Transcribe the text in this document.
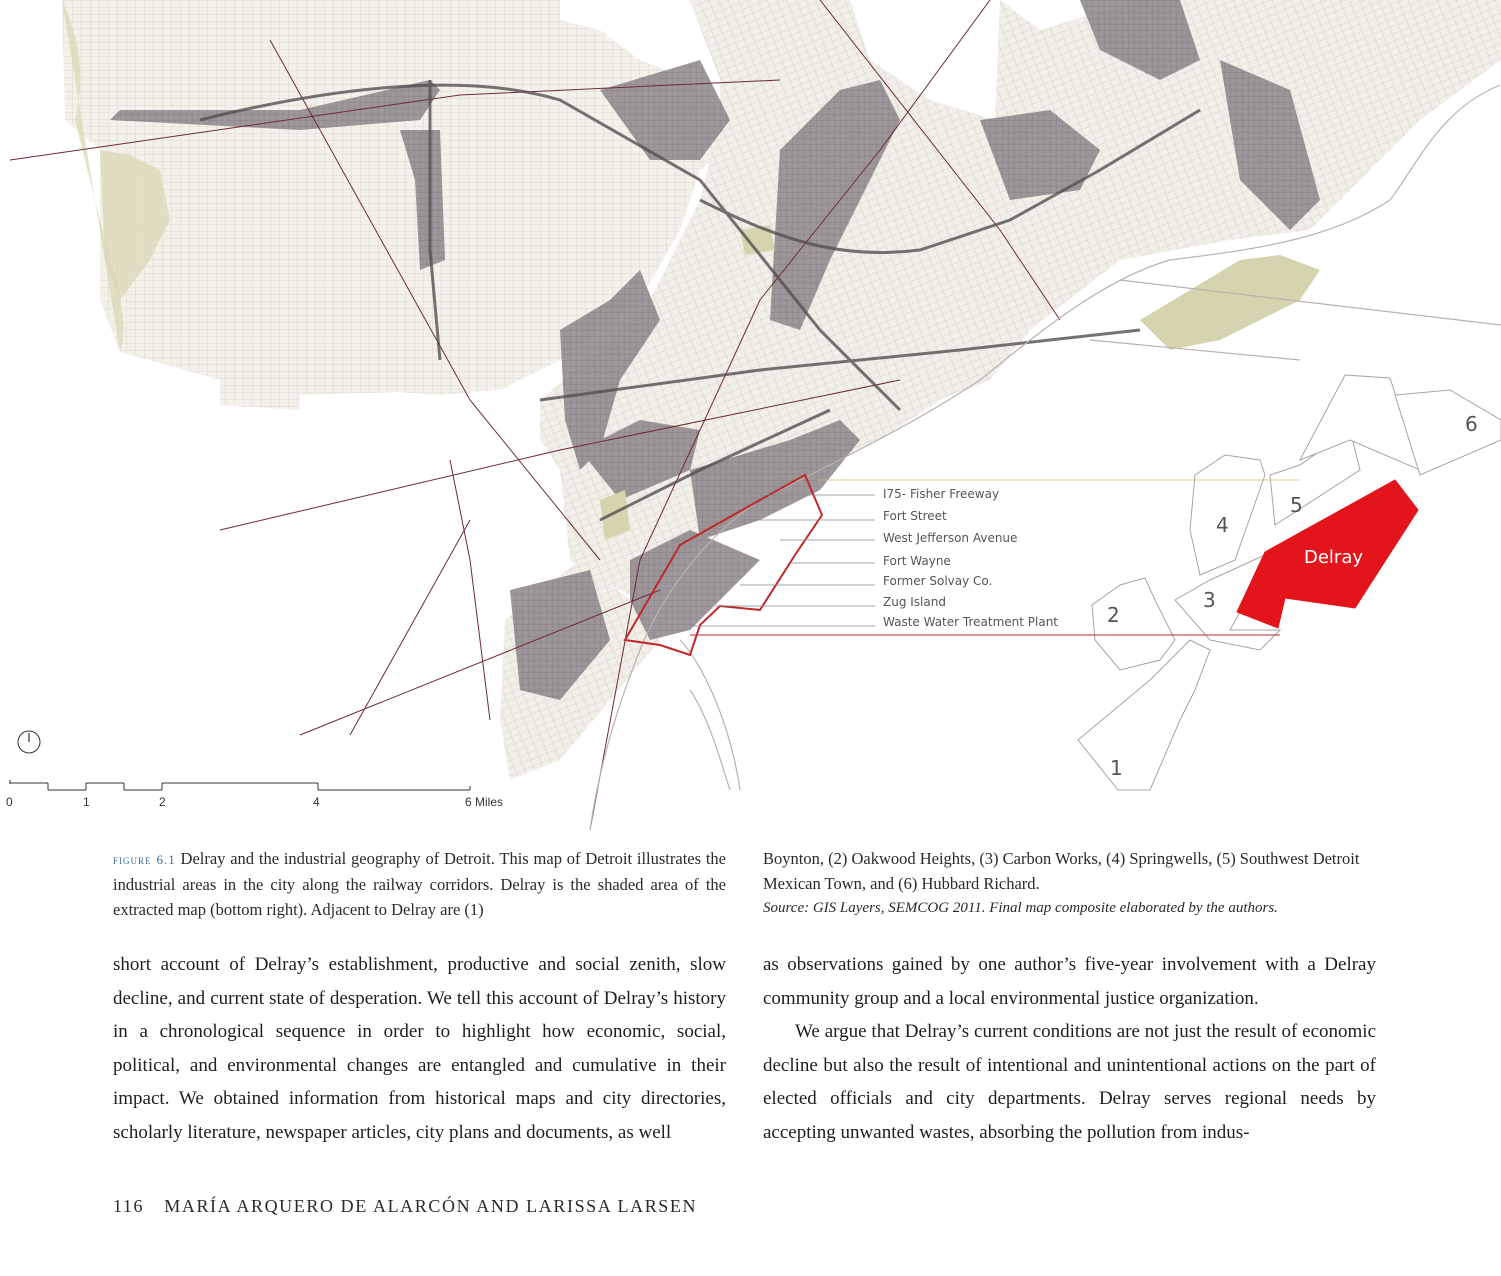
I75- Fisher Freeway
Fort Street
West Jefferson Avenue
Fort Wayne
Former Solvay Co.
Zug Island
Waste Water Treatment Plant
1
2
3
4
5
6
Delray
0	1	2	4	6 Miles
figure 6.1 Delray and the industrial geography of Detroit. This map of Detroit illustrates the industrial areas in the city along the railway corridors. Delray is the shaded area of the extracted map (bottom right). Adjacent to Delray are (1)
Boynton, (2) Oakwood Heights, (3) Carbon Works, (4) Springwells, (5) Southwest Detroit Mexican Town, and (6) Hubbard Richard.
Source: GIS Layers, SEMCOG 2011. Final map composite elaborated by the authors.

short account of Delray’s establishment, productive and social zenith, slow decline, and current state of desperation. We tell this account of Delray’s history in a chronological sequence in order to highlight how economic, social, political, and environmental changes are entangled and cumulative in their impact. We obtained information from historical maps and city directories, scholarly literature, newspaper articles, city plans and documents, as well

as observations gained by one author’s five-year involvement with a Delray community group and a local environmental justice organization.

We argue that Delray’s current conditions are not just the result of economic decline but also the result of intentional and unintentional actions on the part of elected officials and city departments. Delray serves regional needs by accepting unwanted wastes, absorbing the pollution from indus-

116 MARÍA ARQUERO DE ALARCÓN AND LARISSA LARSEN
